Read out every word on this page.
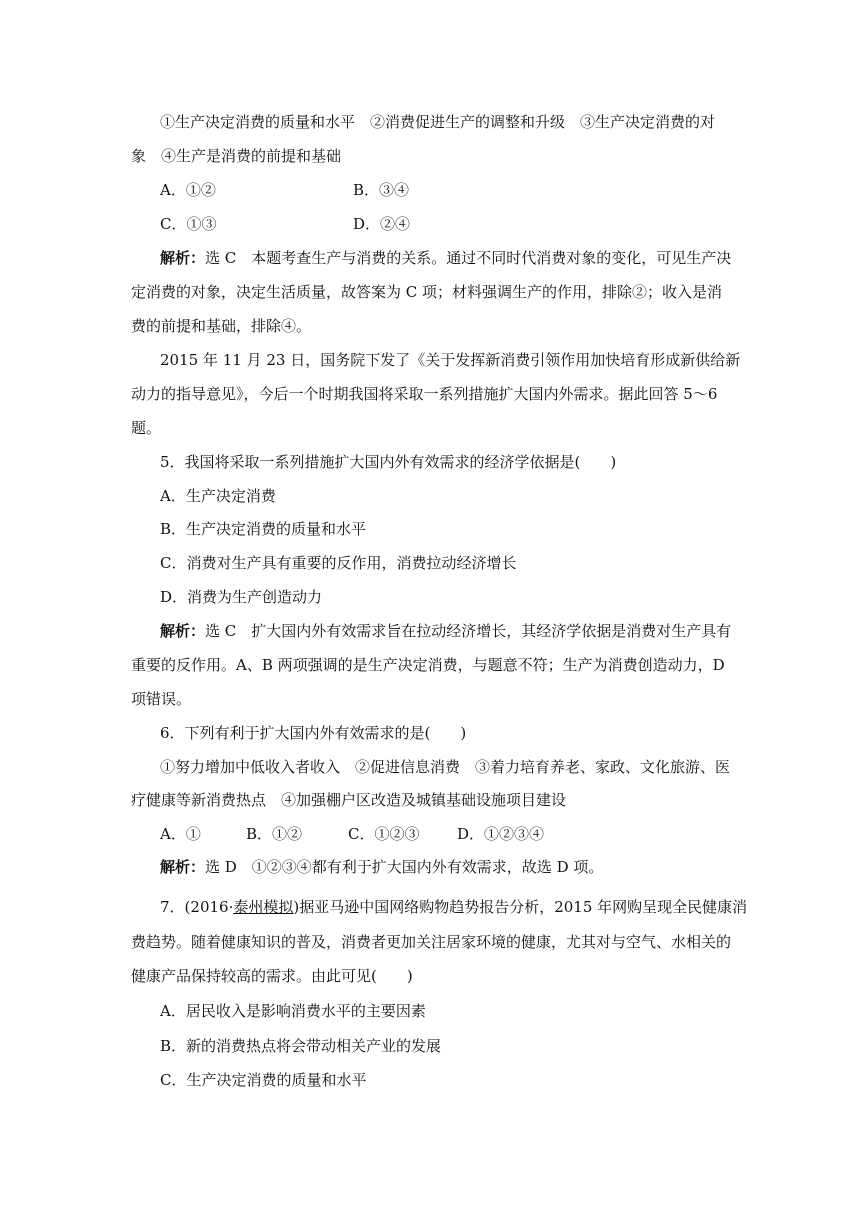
①生产决定消费的质量和水平　②消费促进生产的调整和升级　③生产决定消费的对
象　④生产是消费的前提和基础
A．①②	B．③④
C．①③	D．②④
解析：选 C　本题考查生产与消费的关系。通过不同时代消费对象的变化，可见生产决
定消费的对象，决定生活质量，故答案为 C 项；材料强调生产的作用，排除②；收入是消
费的前提和基础，排除④。
2015 年 11 月 23 日，国务院下发了《关于发挥新消费引领作用加快培育形成新供给新
动力的指导意见》，今后一个时期我国将采取一系列措施扩大国内外需求。据此回答 5～6
题。
5．我国将采取一系列措施扩大国内外有效需求的经济学依据是(　　)
A．生产决定消费
B．生产决定消费的质量和水平
C．消费对生产具有重要的反作用，消费拉动经济增长
D．消费为生产创造动力
解析：选 C　扩大国内外有效需求旨在拉动经济增长，其经济学依据是消费对生产具有
重要的反作用。A、B 两项强调的是生产决定消费，与题意不符；生产为消费创造动力，D
项错误。
6．下列有利于扩大国内外有效需求的是(　　)
①努力增加中低收入者收入　②促进信息消费　③着力培育养老、家政、文化旅游、医
疗健康等新消费热点　④加强棚户区改造及城镇基础设施项目建设
A．①	B．①②	C．①②③	D．①②③④
解析：选 D　①②③④都有利于扩大国内外有效需求，故选 D 项。
7．(2016·泰州模拟)据亚马逊中国网络购物趋势报告分析，2015 年网购呈现全民健康消
费趋势。随着健康知识的普及，消费者更加关注居家环境的健康，尤其对与空气、水相关的
健康产品保持较高的需求。由此可见(　　)
A．居民收入是影响消费水平的主要因素
B．新的消费热点将会带动相关产业的发展
C．生产决定消费的质量和水平
